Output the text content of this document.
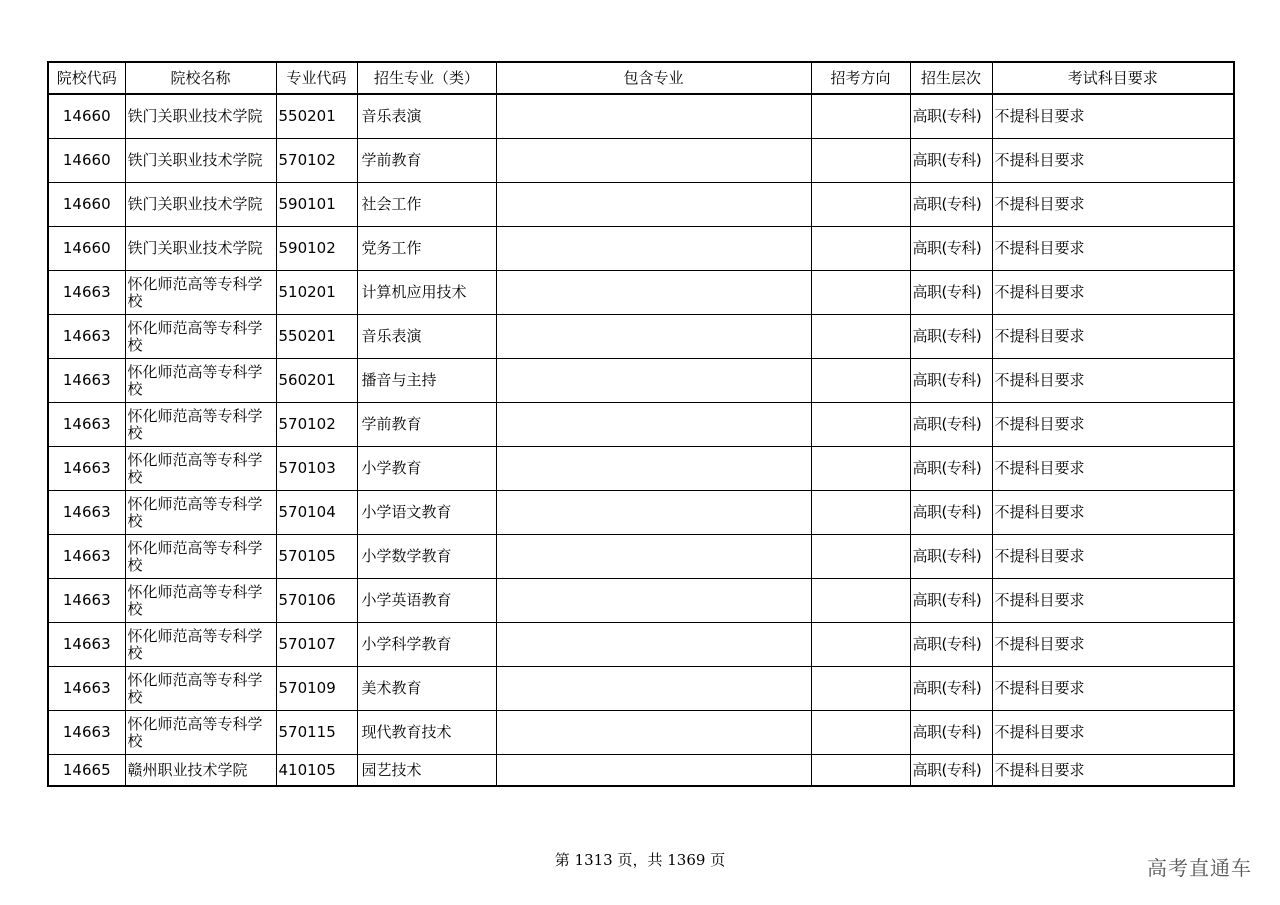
院校代码	院校名称	专业代码	招生专业（类）	包含专业	招考方向	招生层次	考试科目要求
14660	铁门关职业技术学院	550201	音乐表演			高职(专科)	不提科目要求
14660	铁门关职业技术学院	570102	学前教育			高职(专科)	不提科目要求
14660	铁门关职业技术学院	590101	社会工作			高职(专科)	不提科目要求
14660	铁门关职业技术学院	590102	党务工作			高职(专科)	不提科目要求
14663	怀化师范高等专科学校	510201	计算机应用技术			高职(专科)	不提科目要求
14663	怀化师范高等专科学校	550201	音乐表演			高职(专科)	不提科目要求
14663	怀化师范高等专科学校	560201	播音与主持			高职(专科)	不提科目要求
14663	怀化师范高等专科学校	570102	学前教育			高职(专科)	不提科目要求
14663	怀化师范高等专科学校	570103	小学教育			高职(专科)	不提科目要求
14663	怀化师范高等专科学校	570104	小学语文教育			高职(专科)	不提科目要求
14663	怀化师范高等专科学校	570105	小学数学教育			高职(专科)	不提科目要求
14663	怀化师范高等专科学校	570106	小学英语教育			高职(专科)	不提科目要求
14663	怀化师范高等专科学校	570107	小学科学教育			高职(专科)	不提科目要求
14663	怀化师范高等专科学校	570109	美术教育			高职(专科)	不提科目要求
14663	怀化师范高等专科学校	570115	现代教育技术			高职(专科)	不提科目要求
14665	赣州职业技术学院	410105	园艺技术			高职(专科)	不提科目要求
第 1313 页，共 1369 页	高考直通车
